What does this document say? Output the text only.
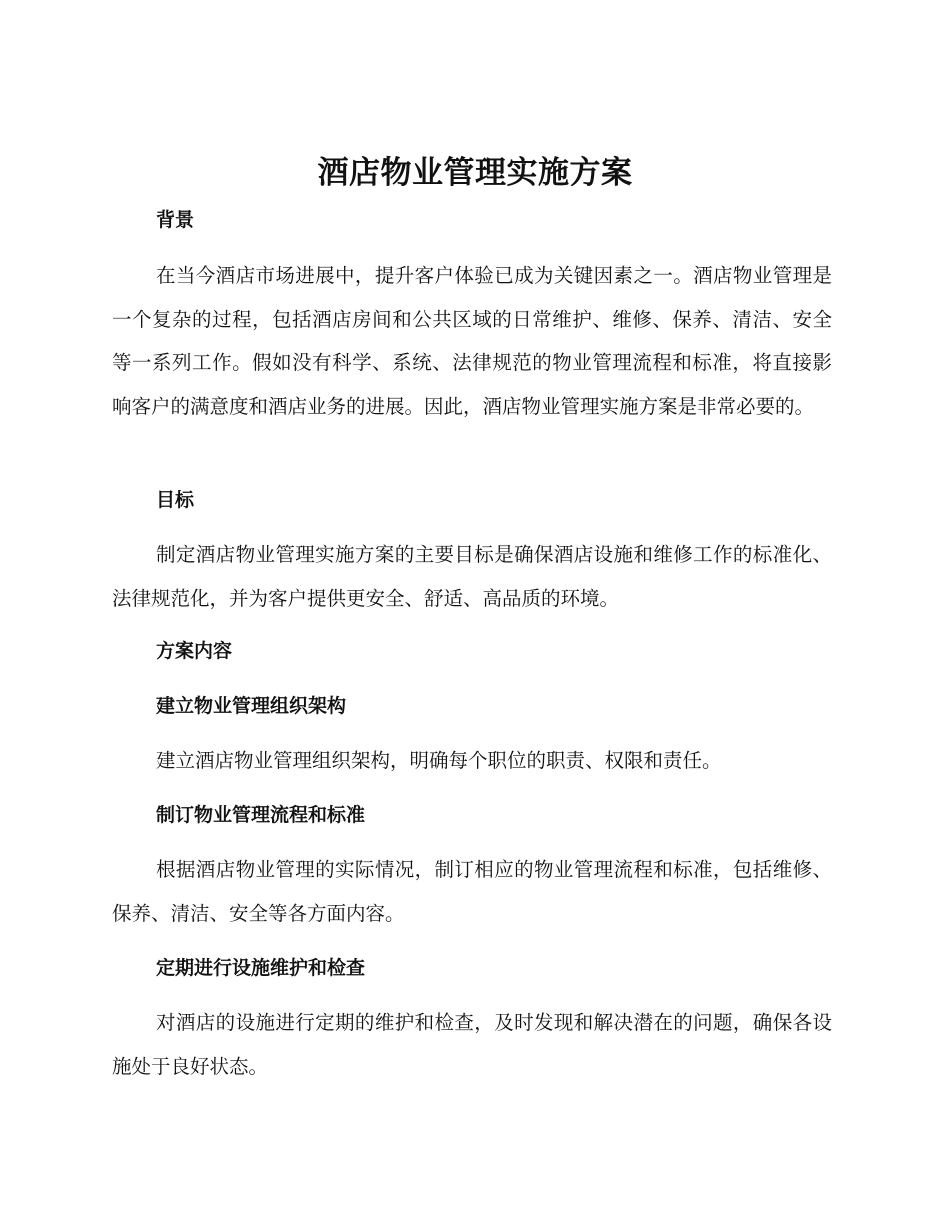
酒店物业管理实施方案
背景

在当今酒店市场进展中，提升客户体验已成为关键因素之一。酒店物业管理是一个复杂的过程，包括酒店房间和公共区域的日常维护、维修、保养、清洁、安全等一系列工作。假如没有科学、系统、法律规范的物业管理流程和标准，将直接影响客户的满意度和酒店业务的进展。因此，酒店物业管理实施方案是非常必要的。

目标

制定酒店物业管理实施方案的主要目标是确保酒店设施和维修工作的标准化、法律规范化，并为客户提供更安全、舒适、高品质的环境。

方案内容
建立物业管理组织架构

建立酒店物业管理组织架构，明确每个职位的职责、权限和责任。

制订物业管理流程和标准

根据酒店物业管理的实际情况，制订相应的物业管理流程和标准，包括维修、保养、清洁、安全等各方面内容。

定期进行设施维护和检查

对酒店的设施进行定期的维护和检查，及时发现和解决潜在的问题，确保各设施处于良好状态。
